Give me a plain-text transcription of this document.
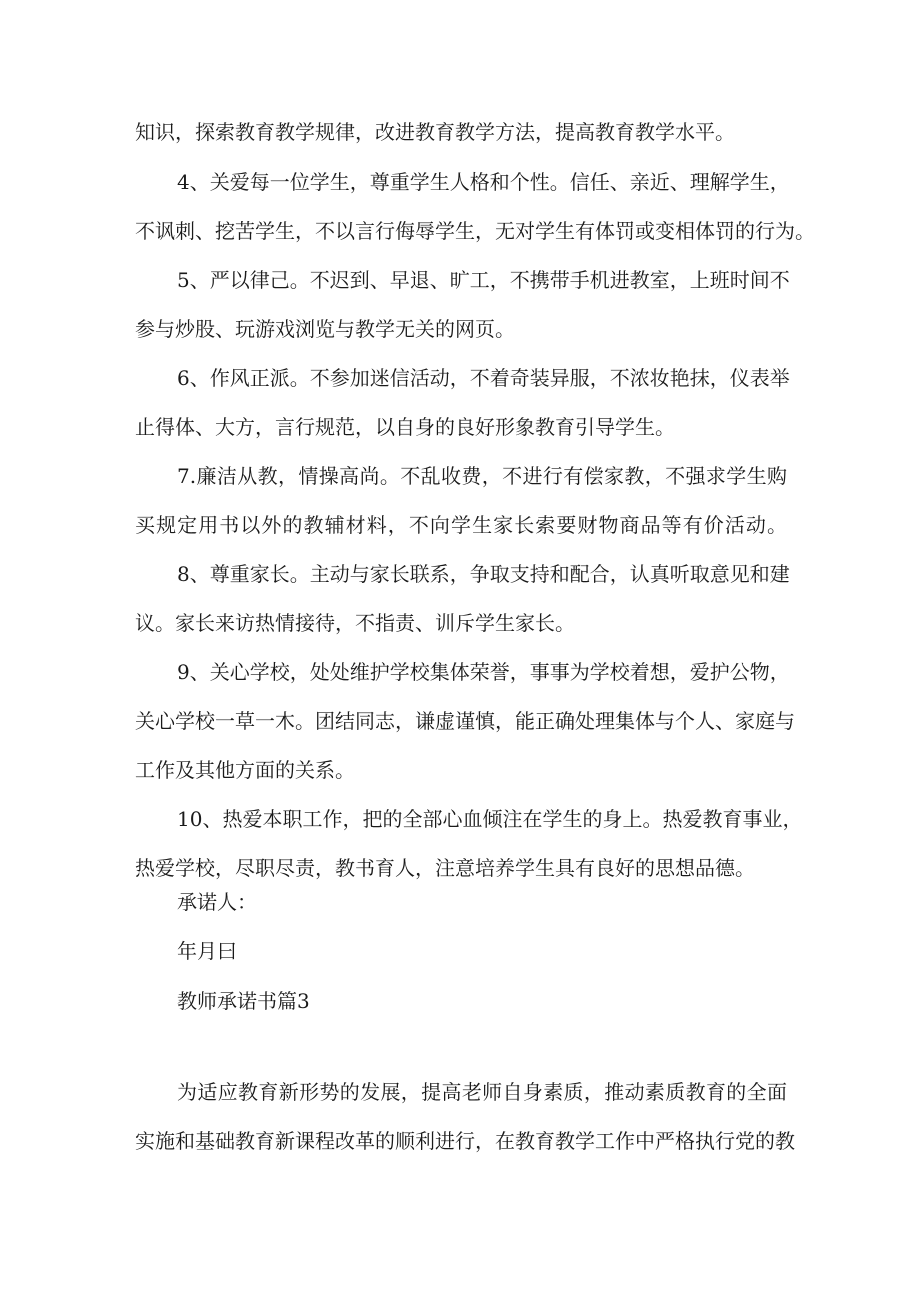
知识，探索教育教学规律，改进教育教学方法，提高教育教学水平。

4、关爱每一位学生，尊重学生人格和个性。信任、亲近、理解学生，

不讽刺、挖苦学生，不以言行侮辱学生，无对学生有体罚或变相体罚的行为。

5、严以律己。不迟到、早退、旷工，不携带手机进教室，上班时间不

参与炒股、玩游戏浏览与教学无关的网页。

6、作风正派。不参加迷信活动，不着奇装异服，不浓妆艳抹，仪表举

止得体、大方，言行规范，以自身的良好形象教育引导学生。

7.廉洁从教，情操高尚。不乱收费，不进行有偿家教，不强求学生购

买规定用书以外的教辅材料，不向学生家长索要财物商品等有价活动。

8、尊重家长。主动与家长联系，争取支持和配合，认真听取意见和建

议。家长来访热情接待，不指责、训斥学生家长。

9、关心学校，处处维护学校集体荣誉，事事为学校着想，爱护公物，

关心学校一草一木。团结同志，谦虚谨慎，能正确处理集体与个人、家庭与

工作及其他方面的关系。

10、热爱本职工作，把的全部心血倾注在学生的身上。热爱教育事业，

热爱学校，尽职尽责，教书育人，注意培养学生具有良好的思想品德。

承诺人：

年月曰

教师承诺书篇3

为适应教育新形势的发展，提高老师自身素质，推动素质教育的全面

实施和基础教育新课程改革的顺利进行，在教育教学工作中严格执行党的教
